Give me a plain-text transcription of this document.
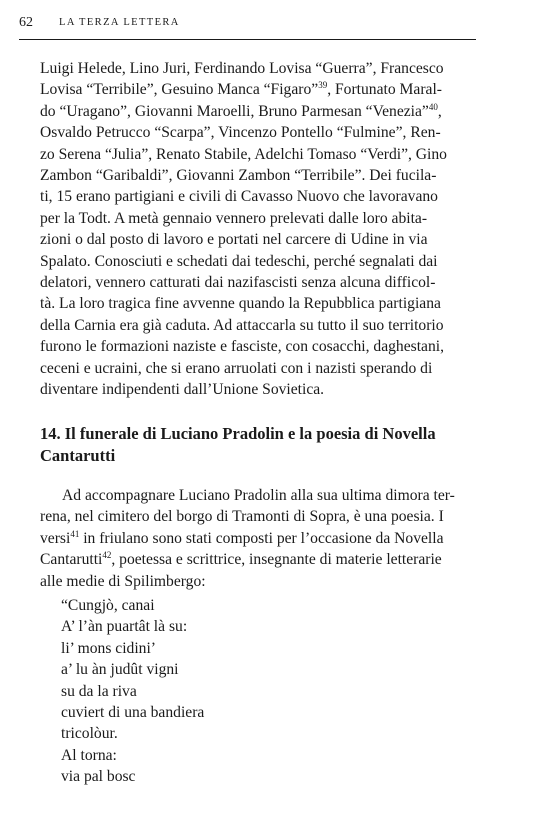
62 LA TERZA LETTERA
Luigi Helede, Lino Juri, Ferdinando Lovisa “Guerra”, Francesco
Lovisa “Terribile”, Gesuino Manca “Figaro”$^{39}$, Fortunato Maral-
do “Uragano”, Giovanni Maroelli, Bruno Parmesan “Venezia”$^{40}$,
Osvaldo Petrucco “Scarpa”, Vincenzo Pontello “Fulmine”, Ren-
zo Serena “Julia”, Renato Stabile, Adelchi Tomaso “Verdi”, Gino
Zambon “Garibaldi”, Giovanni Zambon “Terribile”. Dei fucila-
ti, 15 erano partigiani e civili di Cavasso Nuovo che lavoravano
per la Todt. A metà gennaio vennero prelevati dalle loro abita-
zioni o dal posto di lavoro e portati nel carcere di Udine in via
Spalato. Conosciuti e schedati dai tedeschi, perché segnalati dai
delatori, vennero catturati dai nazifascisti senza alcuna difficol-
tà. La loro tragica fine avvenne quando la Repubblica partigiana
della Carnia era già caduta. Ad attaccarla su tutto il suo territorio
furono le formazioni naziste e fasciste, con cosacchi, daghestani,
ceceni e ucraini, che si erano arruolati con i nazisti sperando di
diventare indipendenti dall’Unione Sovietica.
14. Il funerale di Luciano Pradolin e la poesia di Novella
Cantarutti
Ad accompagnare Luciano Pradolin alla sua ultima dimora ter-
rena, nel cimitero del borgo di Tramonti di Sopra, è una poesia. I
versi$^{41}$ in friulano sono stati composti per l’occasione da Novella
Cantarutti$^{42}$, poetessa e scrittrice, insegnante di materie letterarie
alle medie di Spilimbergo:
“Cungjò, canai
A’ l’àn puartât là su:
li’ mons cidini’
a’ lu àn judût vigni
su da la riva
cuviert di una bandiera
tricolòur.
Al torna:
via pal bosc
